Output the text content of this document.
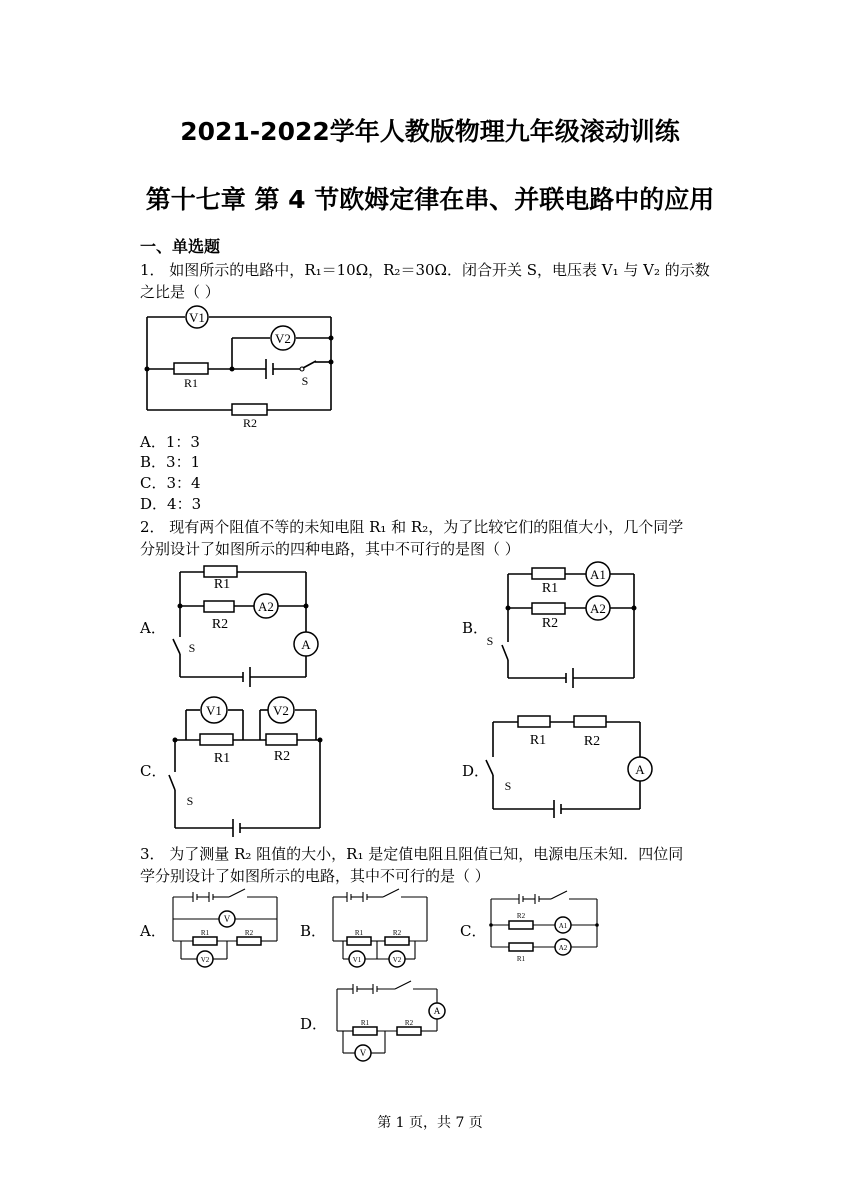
2021-2022学年人教版物理九年级滚动训练
第十七章 第 4 节欧姆定律在串、并联电路中的应用
一、单选题
1． 如图所示的电路中，R₁＝10Ω，R₂＝30Ω．闭合开关 S，电压表 V₁ 与 V₂ 的示数
之比是（ ）
V1
V2
R1
R2
S
A．1：3
B．3：1
C．3：4
D．4：3
2． 现有两个阻值不等的未知电阻 R₁ 和 R₂，为了比较它们的阻值大小，几个同学
分别设计了如图所示的四种电路，其中不可行的是图（ ）
A．
R1
R2
A2
A
S
B．
R1
R2
A1
A2
S
C．
V1	V2
R1	R2
S
D．
R1	R2
A
S
3． 为了测量 R₂ 阻值的大小，R₁ 是定值电阻且阻值已知，电源电压未知．四位同
学分别设计了如图所示的电路，其中不可行的是（ ）
A．
V
V2
R1	R2	B．
V1	V2
R1	R2	C．	A1
A2
R2
R1
D．
A
V
R1	R2
第 1 页，共 7 页
